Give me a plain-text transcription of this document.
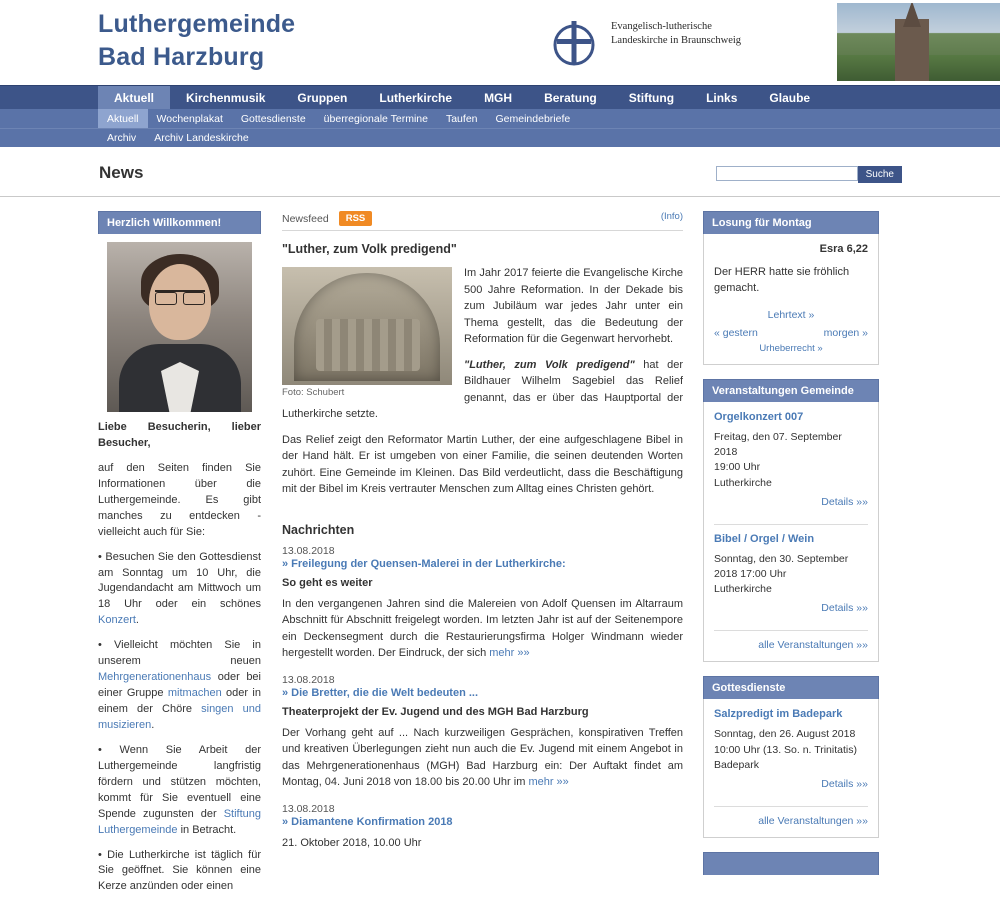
Luthergemeinde
Bad Harzburg
Evangelisch-lutherische
Landeskirche in Braunschweig
Aktuell	Kirchenmusik	Gruppen	Lutherkirche	MGH	Beratung	Stiftung	Links	Glaube
Aktuell	Wochenplakat	Gottesdienste	überregionale Termine	Taufen	Gemeindebriefe
Archiv	Archiv Landeskirche
News	Suche
Herzlich Willkommen!

Liebe Besucherin, lieber Besucher,

auf den Seiten finden Sie Informationen über die Luthergemeinde. Es gibt manches zu entdecken - vielleicht auch für Sie:

• Besuchen Sie den Gottesdienst am Sonntag um 10 Uhr, die Jugendandacht am Mittwoch um 18 Uhr oder ein schönes Konzert.

• Vielleicht möchten Sie in unserem neuen Mehrgenerationenhaus oder bei einer Gruppe mitmachen oder in einem der Chöre singen und musizieren.

• Wenn Sie Arbeit der Luthergemeinde langfristig fördern und stützen möchten, kommt für Sie eventuell eine Spende zugunsten der Stiftung Luthergemeinde in Betracht.

• Die Lutherkirche ist täglich für Sie geöffnet. Sie können eine Kerze anzünden oder einen

Newsfeed	RSS	(Info)
"Luther, zum Volk predigend"
Foto: Schubert

Im Jahr 2017 feierte die Evangelische Kirche 500 Jahre Reformation. In der Dekade bis zum Jubiläum war jedes Jahr unter ein Thema gestellt, das die Bedeutung der Reformation für die Gegenwart hervorhebt.

"Luther, zum Volk predigend" hat der Bildhauer Wilhelm Sagebiel das Relief genannt, das er über das Hauptportal der Lutherkirche setzte.

Das Relief zeigt den Reformator Martin Luther, der eine aufgeschlagene Bibel in der Hand hält. Er ist umgeben von einer Familie, die seinen deutenden Worten zuhört. Eine Gemeinde im Kleinen. Das Bild verdeutlicht, dass die Beschäftigung mit der Bibel im Kreis vertrauter Menschen zum Alltag eines Christen gehört.

Nachrichten
13.08.2018
» Freilegung der Quensen-Malerei in der Lutherkirche:
So geht es weiter

In den vergangenen Jahren sind die Malereien von Adolf Quensen im Altarraum Abschnitt für Abschnitt freigelegt worden. Im letzten Jahr ist auf der Seitenempore ein Deckensegment durch die Restaurierungsfirma Holger Windmann wieder hergestellt worden. Der Eindruck, der sich mehr »»

13.08.2018
» Die Bretter, die die Welt bedeuten ...
Theaterprojekt der Ev. Jugend und des MGH Bad Harzburg

Der Vorhang geht auf ... Nach kurzweiligen Gesprächen, konspirativen Treffen und kreativen Überlegungen zieht nun auch die Ev. Jugend mit einem Angebot in das Mehrgenerationenhaus (MGH) Bad Harzburg ein: Der Auftakt findet am Montag, 04. Juni 2018 von 18.00 bis 20.00 Uhr im mehr »»

13.08.2018
» Diamantene Konfirmation 2018

21. Oktober 2018, 10.00 Uhr

Losung für Montag
Esra 6,22
Der HERR hatte sie fröhlich gemacht.
Lehrtext »
« gestern	morgen »
Urheberrecht »
Veranstaltungen Gemeinde
Orgelkonzert 007
Freitag, den 07. September 2018
19:00 Uhr
Lutherkirche
Details »»
Bibel / Orgel / Wein
Sonntag, den 30. September
2018 17:00 Uhr
Lutherkirche
Details »»
alle Veranstaltungen »»
Gottesdienste
Salzpredigt im Badepark
Sonntag, den 26. August 2018
10:00 Uhr (13. So. n. Trinitatis)
Badepark
Details »»
alle Veranstaltungen »»
